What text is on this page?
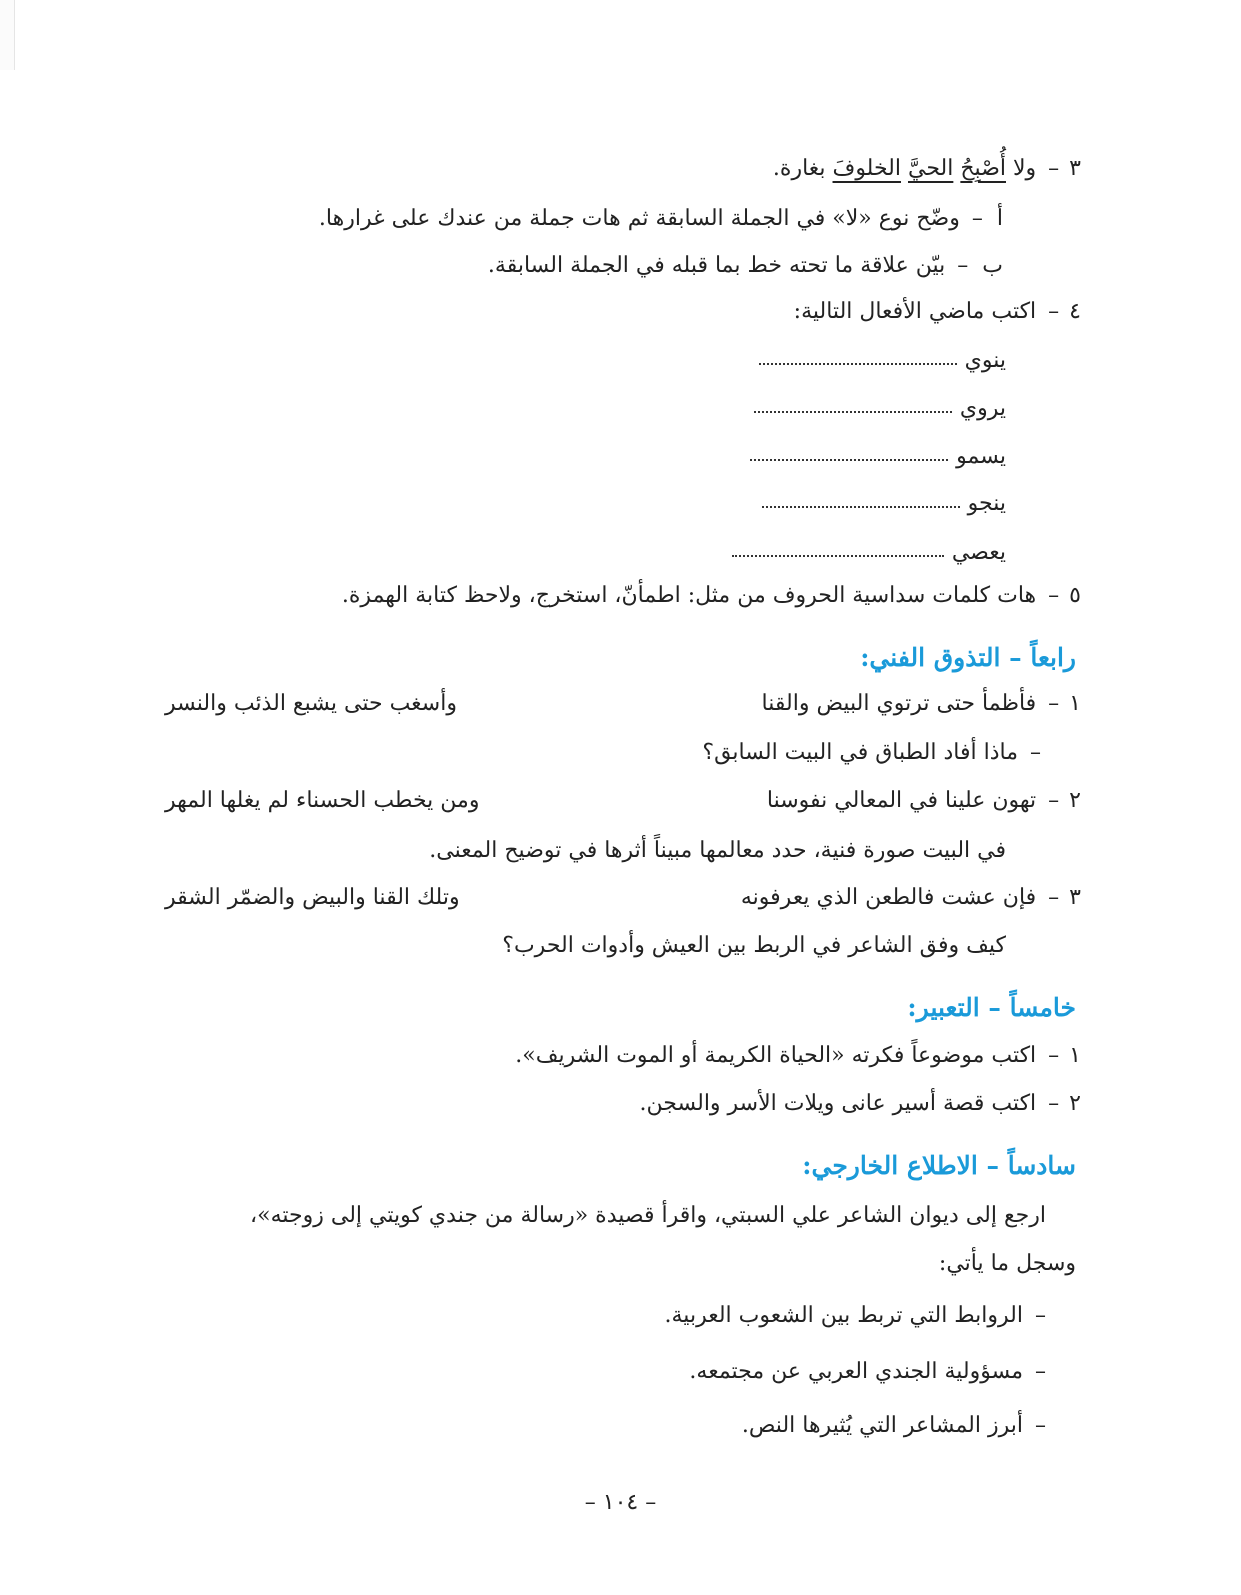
٣–ولا أُصْبِحُ الحيَّ الخلوفَ بغارة.
أ–وضّح نوع «لا» في الجملة السابقة ثم هات جملة من عندك على غرارها.
ب–بيّن علاقة ما تحته خط بما قبله في الجملة السابقة.
٤–اكتب ماضي الأفعال التالية:
ينوي
يروي
يسمو
ينجو
يعصي
٥–هات كلمات سداسية الحروف من مثل: اطمأنّ، استخرج، ولاحظ كتابة الهمزة.
رابعاً – التذوق الفني:
١
–
فأظمأ حتى ترتوي البيض والقنا
وأسغب حتى يشبع الذئب والنسر
–ماذا أفاد الطباق في البيت السابق؟
٢
–
تهون علينا في المعالي نفوسنا
ومن يخطب الحسناء لم يغلها المهر
في البيت صورة فنية، حدد معالمها مبيناً أثرها في توضيح المعنى.
٣
–
فإن عشت فالطعن الذي يعرفونه
وتلك القنا والبيض والضمّر الشقر
كيف وفق الشاعر في الربط بين العيش وأدوات الحرب؟
خامساً – التعبير:
١–اكتب موضوعاً فكرته «الحياة الكريمة أو الموت الشريف».
٢–اكتب قصة أسير عانى ويلات الأسر والسجن.
سادساً – الاطلاع الخارجي:
ارجع إلى ديوان الشاعر علي السبتي، واقرأ قصيدة «رسالة من جندي كويتي إلى زوجته»،
وسجل ما يأتي:
–الروابط التي تربط بين الشعوب العربية.
–مسؤولية الجندي العربي عن مجتمعه.
–أبرز المشاعر التي يُثيرها النص.
– ١٠٤ –
